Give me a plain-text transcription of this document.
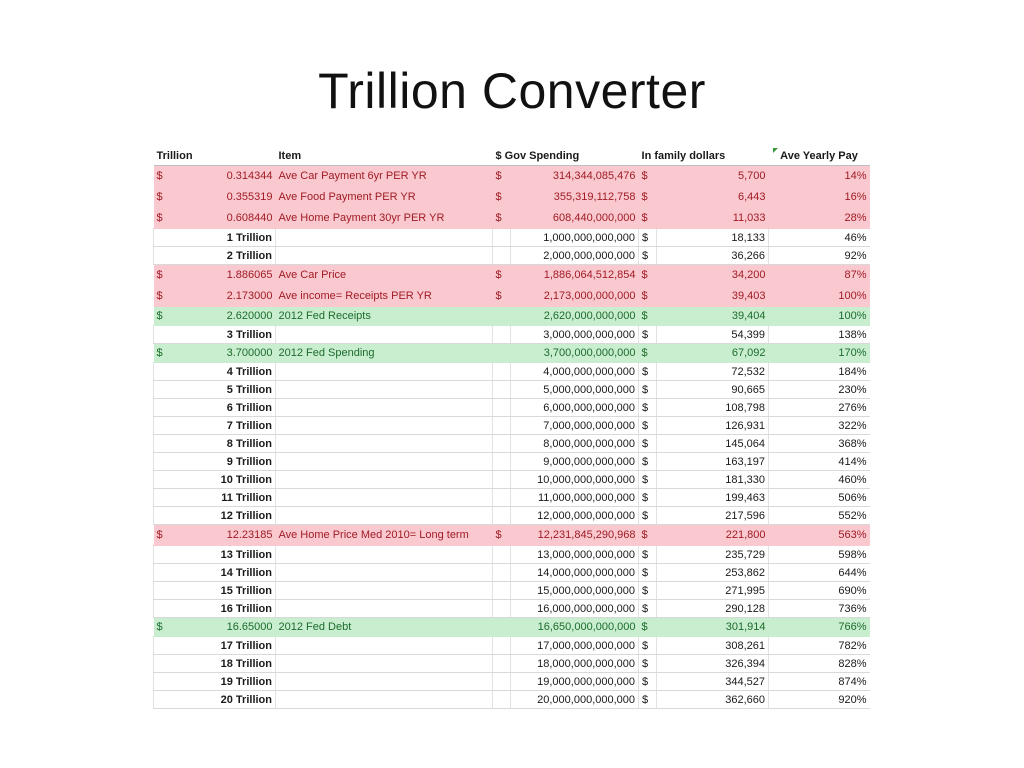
Trillion Converter
Trillion		Item	$ Gov Spending		In family dollars		Ave Yearly Pay
$	0.314344	Ave Car Payment 6yr PER YR	$	314,344,085,476	$	5,700	14%
$	0.355319	Ave Food Payment PER YR	$	355,319,112,758	$	6,443	16%
$	0.608440	Ave Home Payment 30yr PER YR	$	608,440,000,000	$	11,033	28%
	1 Trillion			1,000,000,000,000	$	18,133	46%
	2 Trillion			2,000,000,000,000	$	36,266	92%
$	1.886065	Ave Car Price	$	1,886,064,512,854	$	34,200	87%
$	2.173000	Ave income= Receipts PER YR	$	2,173,000,000,000	$	39,403	100%
$	2.620000	2012 Fed Receipts		2,620,000,000,000	$	39,404	100%
	3 Trillion			3,000,000,000,000	$	54,399	138%
$	3.700000	2012 Fed Spending		3,700,000,000,000	$	67,092	170%
	4 Trillion			4,000,000,000,000	$	72,532	184%
	5 Trillion			5,000,000,000,000	$	90,665	230%
	6 Trillion			6,000,000,000,000	$	108,798	276%
	7 Trillion			7,000,000,000,000	$	126,931	322%
	8 Trillion			8,000,000,000,000	$	145,064	368%
	9 Trillion			9,000,000,000,000	$	163,197	414%
	10 Trillion			10,000,000,000,000	$	181,330	460%
	11 Trillion			11,000,000,000,000	$	199,463	506%
	12 Trillion			12,000,000,000,000	$	217,596	552%
$	12.23185	Ave Home Price Med 2010= Long term	$	12,231,845,290,968	$	221,800	563%
	13 Trillion			13,000,000,000,000	$	235,729	598%
	14 Trillion			14,000,000,000,000	$	253,862	644%
	15 Trillion			15,000,000,000,000	$	271,995	690%
	16 Trillion			16,000,000,000,000	$	290,128	736%
$	16.65000	2012 Fed Debt		16,650,000,000,000	$	301,914	766%
	17 Trillion			17,000,000,000,000	$	308,261	782%
	18 Trillion			18,000,000,000,000	$	326,394	828%
	19 Trillion			19,000,000,000,000	$	344,527	874%
	20 Trillion			20,000,000,000,000	$	362,660	920%
